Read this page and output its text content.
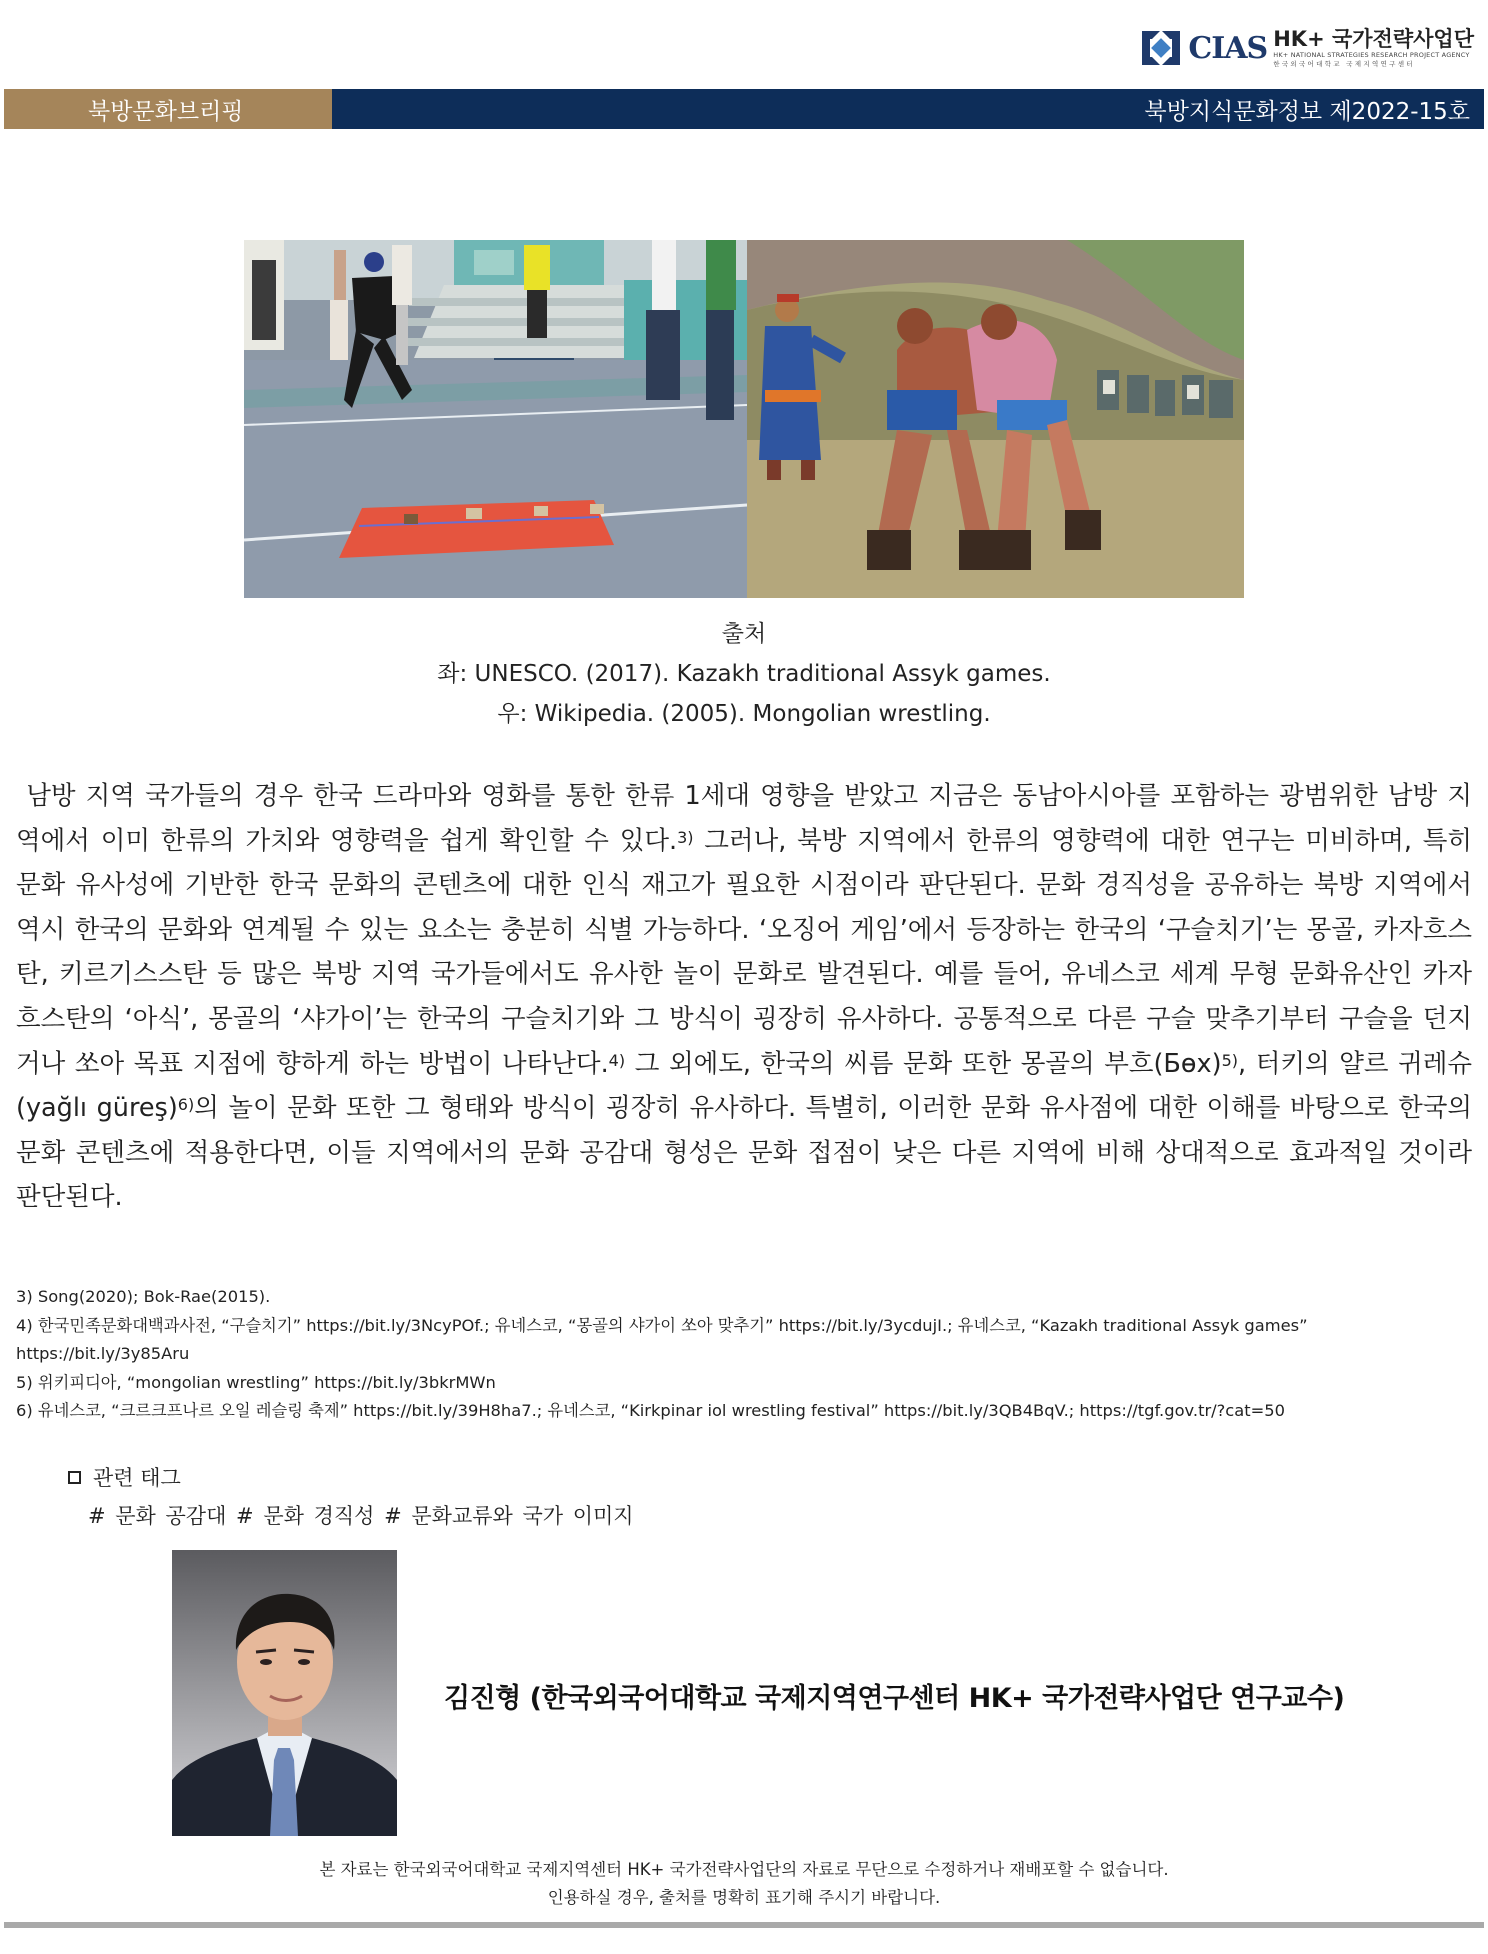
CIAS HK+ 국가전략사업단
HK+ NATIONAL STRATEGIES RESEARCH PROJECT AGENCY
한국외국어대학교 국제지역연구센터
북방문화브리핑	북방지식문화정보 제2022-15호
출처
좌: UNESCO. (2017). Kazakh traditional Assyk games.
우: Wikipedia. (2005). Mongolian wrestling.
남방 지역 국가들의 경우 한국 드라마와 영화를 통한 한류 1세대 영향을 받았고 지금은 동남아시아를 포함하는 광범위한 남방 지역에서 이미 한류의 가치와 영향력을 쉽게 확인할 수 있다.$^{3)}$ 그러나, 북방 지역에서 한류의 영향력에 대한 연구는 미비하며, 특히 문화 유사성에 기반한 한국 문화의 콘텐츠에 대한 인식 재고가 필요한 시점이라 판단된다. 문화 경직성을 공유하는 북방 지역에서 역시 한국의 문화와 연계될 수 있는 요소는 충분히 식별 가능하다. ‘오징어 게임’에서 등장하는 한국의 ‘구슬치기’는 몽골, 카자흐스탄, 키르기스스탄 등 많은 북방 지역 국가들에서도 유사한 놀이 문화로 발견된다. 예를 들어, 유네스코 세계 무형 문화유산인 카자흐스탄의 ‘아식’, 몽골의 ‘샤가이’는 한국의 구슬치기와 그 방식이 굉장히 유사하다. 공통적으로 다른 구슬 맞추기부터 구슬을 던지거나 쏘아 목표 지점에 향하게 하는 방법이 나타난다.$^{4)}$ 그 외에도, 한국의 씨름 문화 또한 몽골의 부흐(Бөх)$^{5)}$, 터키의 얄르 귀레슈(yağlı güreş)$^{6)}$의 놀이 문화 또한 그 형태와 방식이 굉장히 유사하다. 특별히, 이러한 문화 유사점에 대한 이해를 바탕으로 한국의 문화 콘텐츠에 적용한다면, 이들 지역에서의 문화 공감대 형성은 문화 접점이 낮은 다른 지역에 비해 상대적으로 효과적일 것이라 판단된다.
3) Song(2020); Bok-Rae(2015).
4) 한국민족문화대백과사전, “구슬치기” https://bit.ly/3NcyPOf.; 유네스코, “몽골의 샤가이 쏘아 맞추기” https://bit.ly/3ycdujI.; 유네스코, “Kazakh traditional Assyk games” https://bit.ly/3y85Aru
5) 위키피디아, “mongolian wrestling” https://bit.ly/3bkrMWn
6) 유네스코, “크르크프나르 오일 레슬링 축제” https://bit.ly/39H8ha7.; 유네스코, “Kirkpinar iol wrestling festival” https://bit.ly/3QB4BqV.; https://tgf.gov.tr/?cat=50
관련 태그
# 문화 공감대 # 문화 경직성 # 문화교류와 국가 이미지
김진형 (한국외국어대학교 국제지역연구센터 HK+ 국가전략사업단 연구교수)
본 자료는 한국외국어대학교 국제지역센터 HK+ 국가전략사업단의 자료로 무단으로 수정하거나 재배포할 수 없습니다.
인용하실 경우, 출처를 명확히 표기해 주시기 바랍니다.
